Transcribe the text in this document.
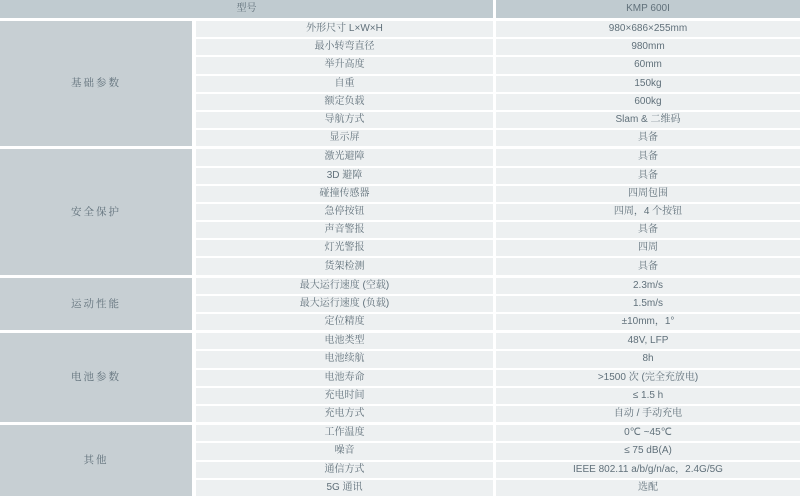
型号	KMP 600I
基础参数
外形尺寸 L×W×H	980×686×255mm
最小转弯直径	980mm
举升高度	60mm
自重	150kg
额定负载	600kg
导航方式	Slam & 二维码
显示屏	具备
安全保护
激光避障	具备
3D 避障	具备
碰撞传感器	四周包围
急停按钮	四周，4 个按钮
声音警报	具备
灯光警报	四周
货架检测	具备
运动性能
最大运行速度 (空载)	2.3m/s
最大运行速度 (负载)	1.5m/s
定位精度	±10mm，1°
电池参数
电池类型	48V, LFP
电池续航	8h
电池寿命	>1500 次 (完全充放电)
充电时间	≤ 1.5 h
充电方式	自动 / 手动充电
其他
工作温度	0℃ ~45℃
噪音	≤ 75 dB(A)
通信方式	IEEE 802.11 a/b/g/n/ac，2.4G/5G
5G 通讯	选配
